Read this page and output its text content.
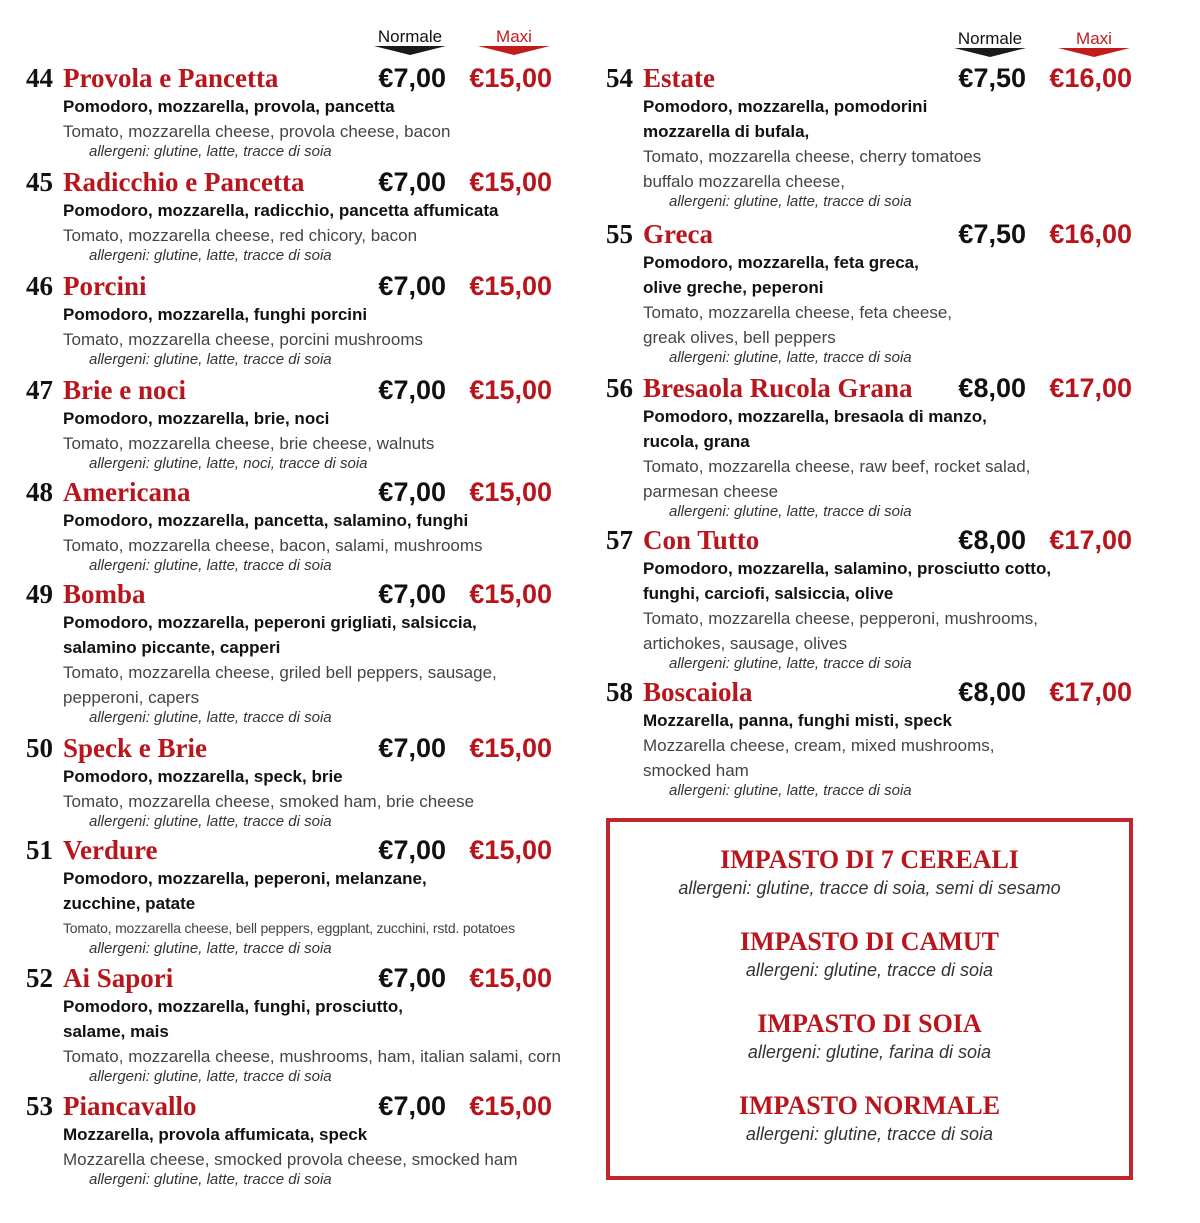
Normale	Maxi	Normale	Maxi
44 Provola e Pancetta	€7,00 €15,00
Pomodoro, mozzarella, provola, pancetta
Tomato, mozzarella cheese, provola cheese, bacon
allergeni: glutine, latte, tracce di soia
45 Radicchio e Pancetta	€7,00 €15,00
Pomodoro, mozzarella, radicchio, pancetta affumicata
Tomato, mozzarella cheese, red chicory, bacon
allergeni: glutine, latte, tracce di soia
46 Porcini	€7,00 €15,00
Pomodoro, mozzarella, funghi porcini
Tomato, mozzarella cheese, porcini mushrooms
allergeni: glutine, latte, tracce di soia
47 Brie e noci	€7,00 €15,00
Pomodoro, mozzarella, brie, noci
Tomato, mozzarella cheese, brie cheese, walnuts
allergeni: glutine, latte, noci, tracce di soia
48 Americana	€7,00 €15,00
Pomodoro, mozzarella, pancetta, salamino, funghi
Tomato, mozzarella cheese, bacon, salami, mushrooms
allergeni: glutine, latte, tracce di soia
49 Bomba	€7,00 €15,00
Pomodoro, mozzarella, peperoni grigliati, salsiccia,
salamino piccante, capperi
Tomato, mozzarella cheese, griled bell peppers, sausage,
pepperoni, capers
allergeni: glutine, latte, tracce di soia
50 Speck e Brie	€7,00 €15,00
Pomodoro, mozzarella, speck, brie
Tomato, mozzarella cheese, smoked ham, brie cheese
allergeni: glutine, latte, tracce di soia
51 Verdure	€7,00 €15,00
Pomodoro, mozzarella, peperoni, melanzane,
zucchine, patate
Tomato, mozzarella cheese, bell peppers, eggplant, zucchini, rstd. potatoes
allergeni: glutine, latte, tracce di soia
52 Ai Sapori	€7,00 €15,00
Pomodoro, mozzarella, funghi, prosciutto,
salame, mais
Tomato, mozzarella cheese, mushrooms, ham, italian salami, corn
allergeni: glutine, latte, tracce di soia
53 Piancavallo	€7,00 €15,00
Mozzarella, provola affumicata, speck
Mozzarella cheese, smocked provola cheese, smocked ham
allergeni: glutine, latte, tracce di soia
54 Estate	€7,50 €16,00
Pomodoro, mozzarella, pomodorini
mozzarella di bufala,
Tomato, mozzarella cheese, cherry tomatoes
buffalo mozzarella cheese,
allergeni: glutine, latte, tracce di soia
55 Greca	€7,50 €16,00
Pomodoro, mozzarella, feta greca,
olive greche, peperoni
Tomato, mozzarella cheese, feta cheese,
greak olives, bell peppers
allergeni: glutine, latte, tracce di soia
56 Bresaola Rucola Grana	€8,00 €17,00
Pomodoro, mozzarella, bresaola di manzo,
rucola, grana
Tomato, mozzarella cheese, raw beef, rocket salad,
parmesan cheese
allergeni: glutine, latte, tracce di soia
57 Con Tutto	€8,00 €17,00
Pomodoro, mozzarella, salamino, prosciutto cotto,
funghi, carciofi, salsiccia, olive
Tomato, mozzarella cheese, pepperoni, mushrooms,
artichokes, sausage, olives
allergeni: glutine, latte, tracce di soia
58 Boscaiola	€8,00 €17,00
Mozzarella, panna, funghi misti, speck
Mozzarella cheese, cream, mixed mushrooms,
smocked ham
allergeni: glutine, latte, tracce di soia
IMPASTO DI 7 CEREALI
allergeni: glutine, tracce di soia, semi di sesamo
IMPASTO DI CAMUT
allergeni: glutine, tracce di soia
IMPASTO DI SOIA
allergeni: glutine, farina di soia
IMPASTO NORMALE
allergeni: glutine, tracce di soia
